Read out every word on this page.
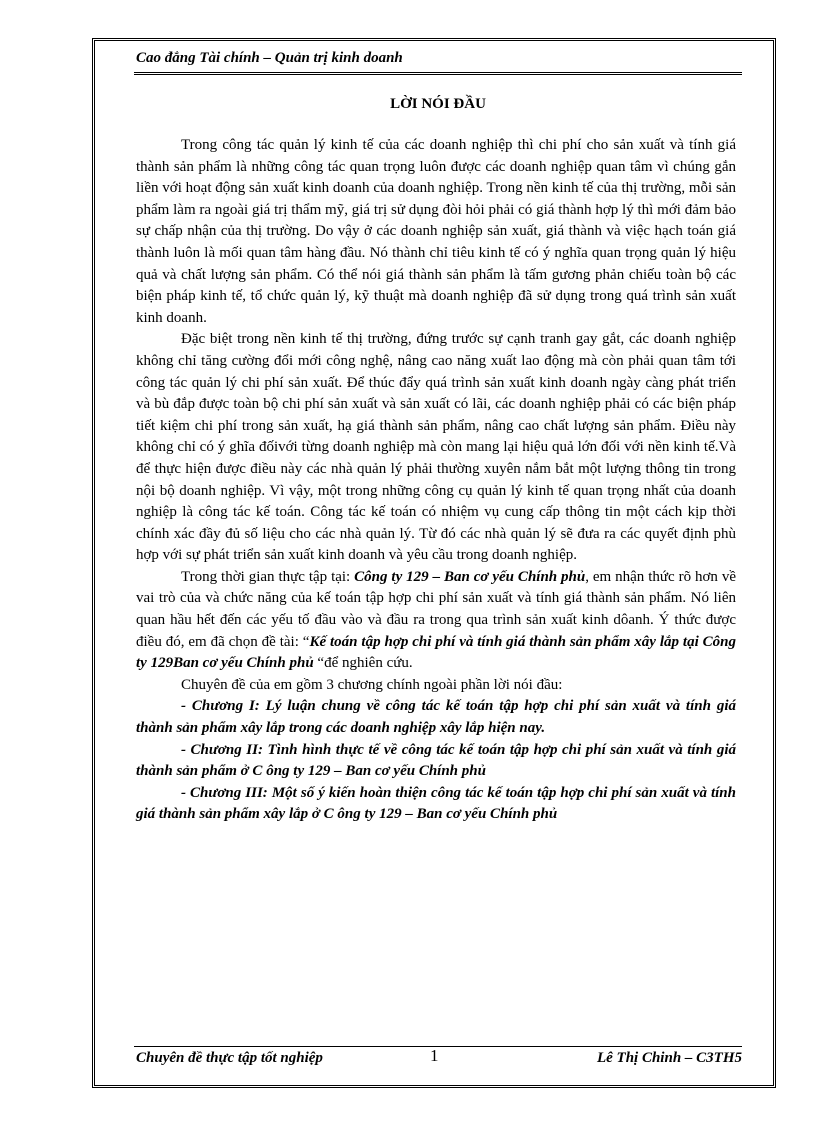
Cao đẳng Tài chính – Quản trị kinh doanh
LỜI NÓI ĐẦU

Trong công tác quản lý kinh tế của các doanh nghiệp thì chi phí cho sản xuất và tính giá thành sản phẩm là những công tác quan trọng luôn được các doanh nghiệp quan tâm vì chúng gắn liền với hoạt động sản xuất kinh doanh của doanh nghiệp. Trong nền kinh tế của thị trường, mỗi sản phẩm làm ra ngoài giá trị thẩm mỹ, giá trị sử dụng đòi hỏi phải có giá thành hợp lý thì mới đảm bảo sự chấp nhận của thị trường. Do vậy ở các doanh nghiệp sản xuất, giá thành và việc hạch toán giá thành luôn là mối quan tâm hàng đầu. Nó thành chỉ tiêu kinh tế có ý nghĩa quan trọng quản lý hiệu quả và chất lượng sản phẩm. Có thể nói giá thành sản phẩm là tấm gương phản chiếu toàn bộ các biện pháp kinh tế, tổ chức quản lý, kỹ thuật mà doanh nghiệp đã sử dụng trong quá trình sản xuất kinh doanh.

Đặc biệt trong nền kinh tế thị trường, đứng trước sự cạnh tranh gay gắt, các doanh nghiệp không chỉ tăng cường đổi mới công nghệ, nâng cao năng xuất lao động mà còn phải quan tâm tới công tác quản lý chi phí sản xuất. Để thúc đẩy quá trình sản xuất kinh doanh ngày càng phát triển và bù đắp được toàn bộ chi phí sản xuất và sản xuất có lãi, các doanh nghiệp phải có các biện pháp tiết kiệm chi phí trong sản xuất, hạ giá thành sản phẩm, nâng cao chất lượng sản phẩm. Điều này không chỉ có ý ghĩa đốivới từng doanh nghiệp mà còn mang lại hiệu quả lớn đối với nền kinh tế.Và để thực hiện được điều này các nhà quản lý phải thường xuyên nắm bắt một lượng thông tin trong nội bộ doanh nghiệp. Vì vậy, một trong những công cụ quản lý kinh tế quan trọng nhất của doanh nghiệp là công tác kế toán. Công tác kế toán có nhiệm vụ cung cấp thông tin một cách kịp thời chính xác đầy đủ số liệu cho các nhà quản lý. Từ đó các nhà quản lý sẽ đưa ra các quyết định phù hợp với sự phát triển sản xuất kinh doanh và yêu cầu trong doanh nghiệp.

Trong thời gian thực tập tại: Công ty 129 – Ban cơ yếu Chính phủ, em nhận thức rõ hơn về vai trò của và chức năng của kế toán tập hợp chi phí sản xuất và tính giá thành sản phẩm. Nó liên quan hầu hết đến các yếu tố đầu vào và đầu ra trong qua trình sản xuất kinh dôanh. Ý thức được điều đó, em đã chọn đề tài: “Kế toán tập hợp chi phí và tính giá thành sản phẩm xây lắp tại Công ty 129Ban cơ yếu Chính phủ “để nghiên cứu.

Chuyên đề của em gồm 3 chương chính ngoài phần lời nói đầu:

- Chương I: Lý luận chung về công tác kế toán tập hợp chi phí sản xuất và tính giá thành sản phẩm xây lắp trong các doanh nghiệp xây lắp hiện nay.

- Chương II: Tình hình thực tế về công tác kế toán tập hợp chi phí sản xuất và tính giá thành sản phẩm ở C ông ty 129 – Ban cơ yếu Chính phủ

- Chương III: Một số ý kiến hoàn thiện công tác kế toán tập hợp chi phí sản xuất và tính giá thành sản phẩm xây lắp ở C ông ty 129 – Ban cơ yếu Chính phủ

Chuyên đề thực tập tốt nghiệp	1	Lê Thị Chinh – C3TH5
